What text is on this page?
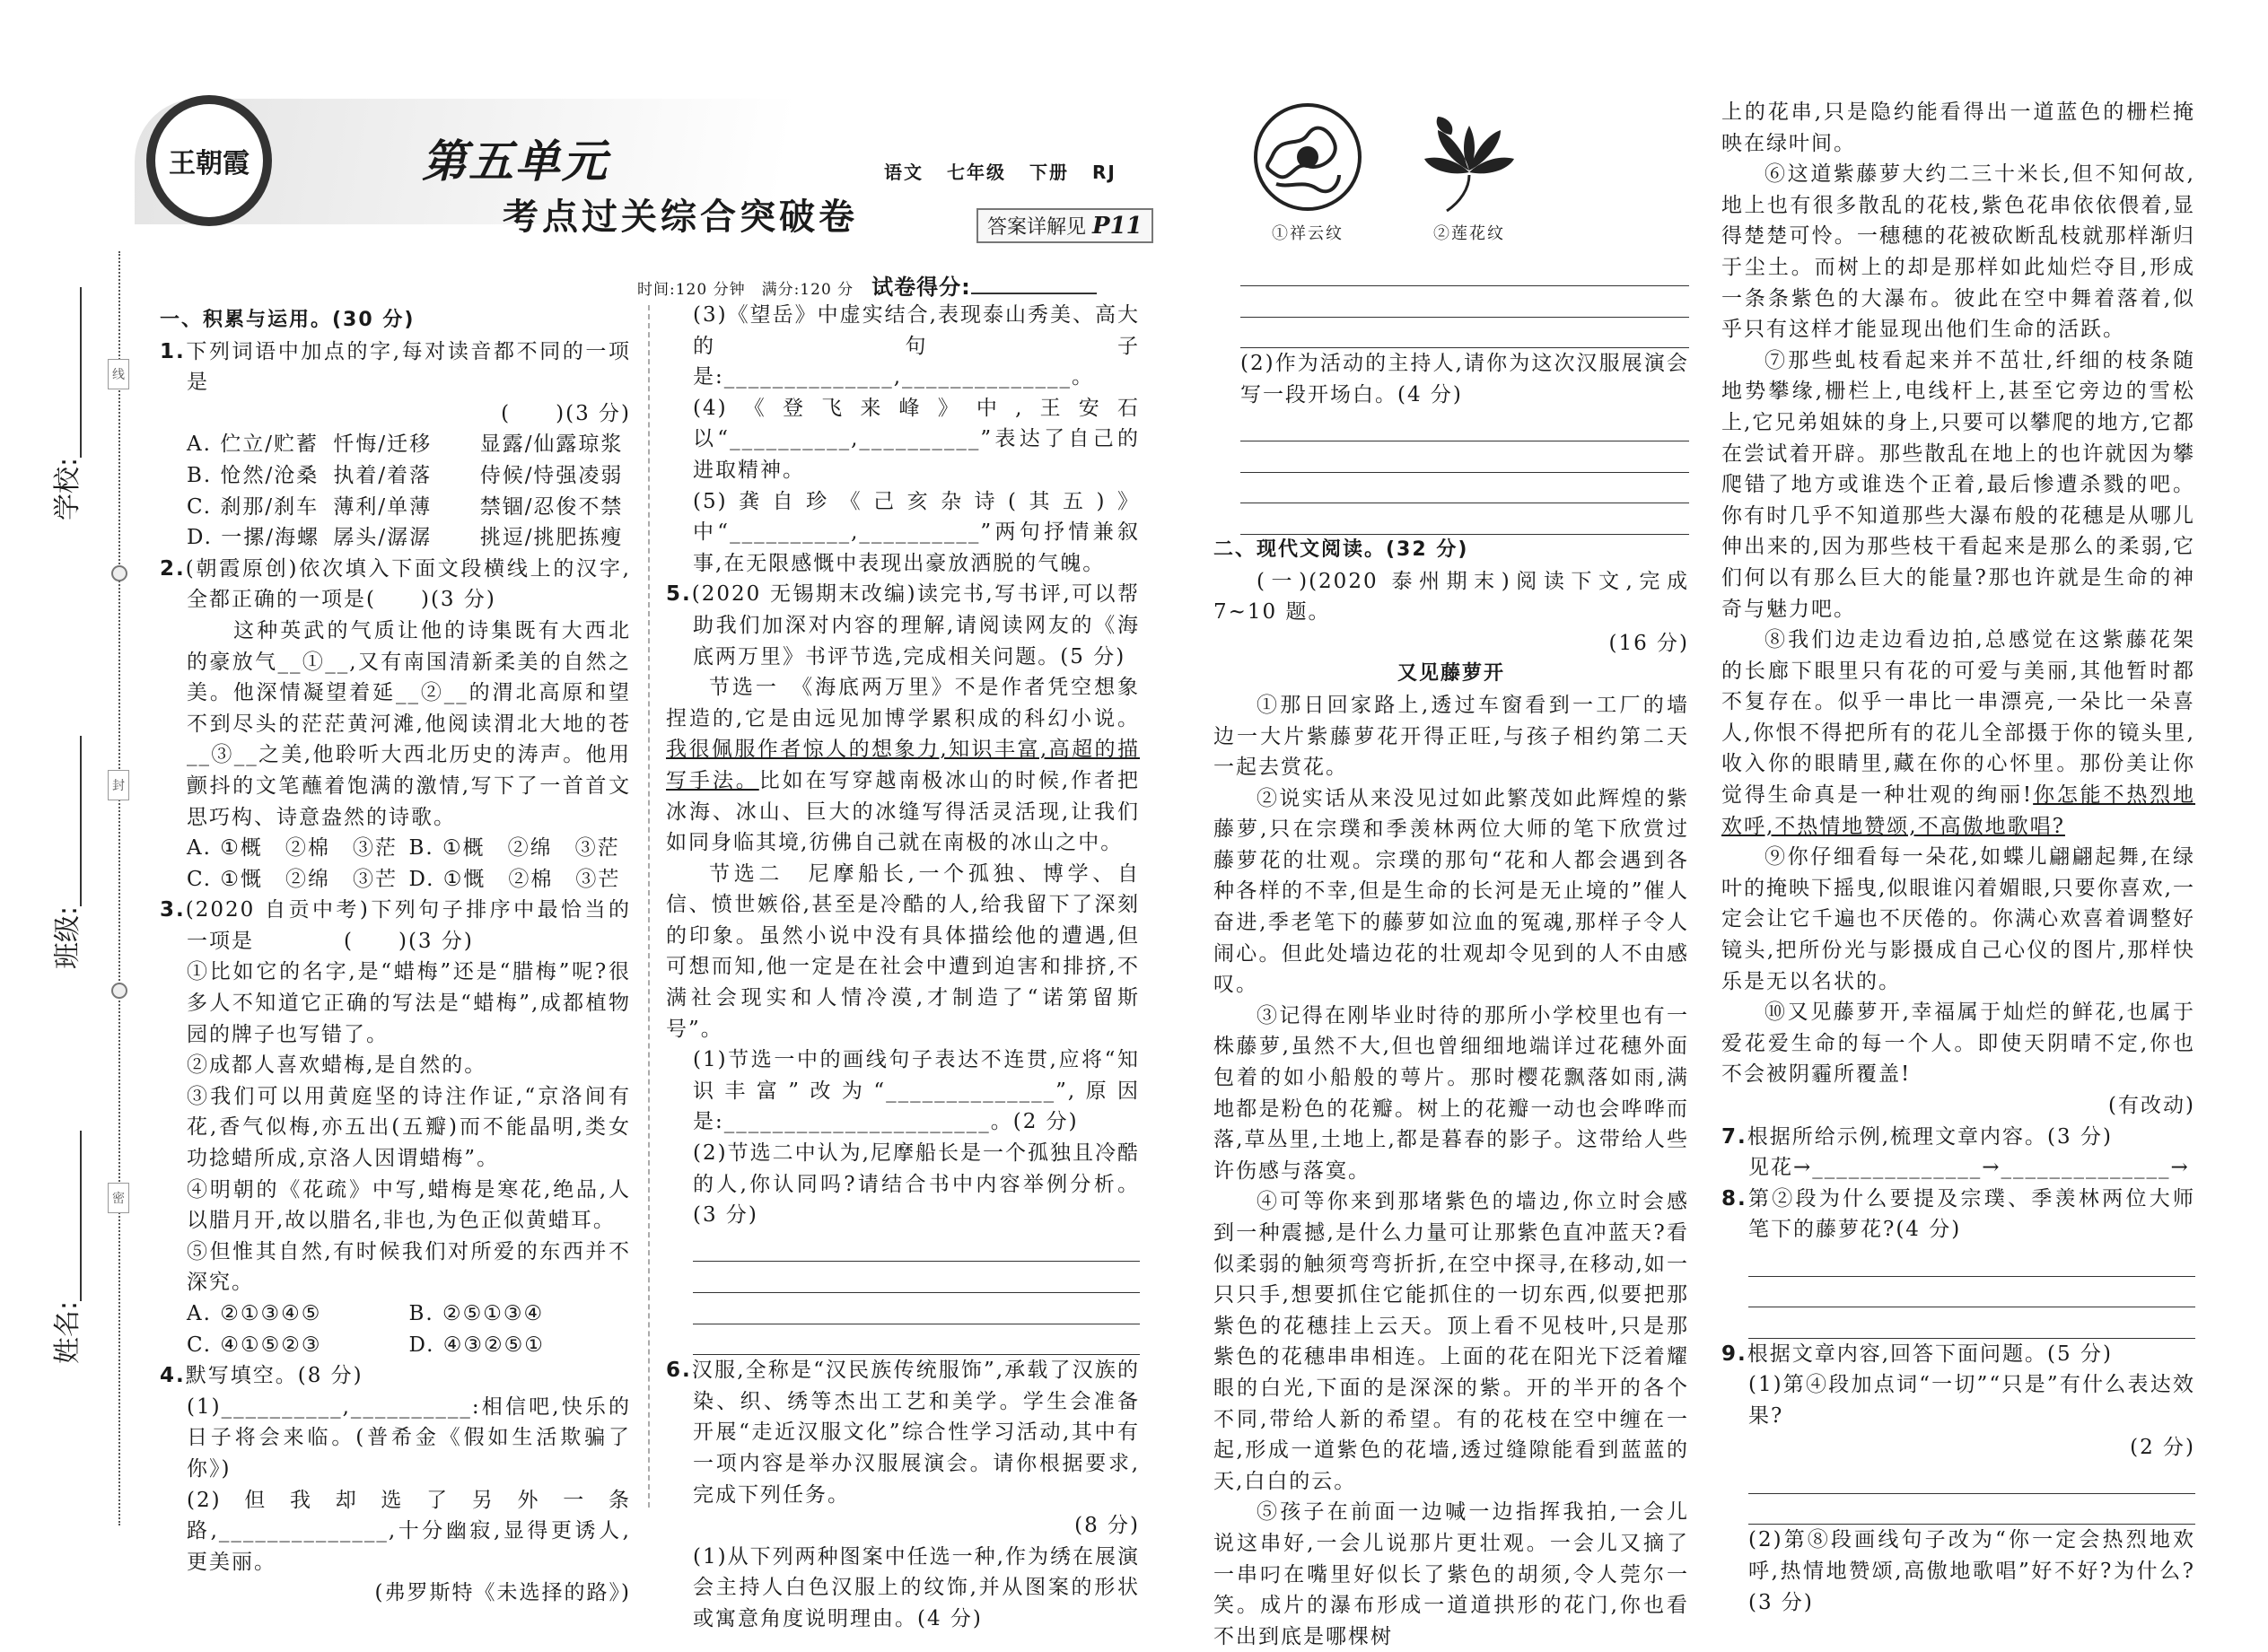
王朝霞	第五单元
考点过关综合突破卷
语文 七年级 下册 RJ
答案详解见 P11
时间:120 分钟　满分:120 分 试卷得分:
线
封
密
学校:
班级:
姓名:
一、积累与运用。(30 分)
1.下列词语中加点的字,每对读音都不同的一项是
(　　)(3 分)
A. 伫立/贮蓄 忏悔/迁移	显露/仙露琼浆
B. 怆然/沧桑 执着/着落	侍候/恃强凌弱
C. 刹那/刹车 薄利/单薄	禁锢/忍俊不禁
D. 一摞/海螺 孱头/潺潺	挑逗/挑肥拣瘦
2.(朝霞原创)依次填入下面文段横线上的汉字,全都正确的一项是(　　)(3 分)
这种英武的气质让他的诗集既有大西北的豪放气__①__,又有南国清新柔美的自然之美。他深情凝望着延__②__的渭北高原和望不到尽头的茫茫黄河滩,他阅读渭北大地的苍__③__之美,他聆听大西北历史的涛声。他用颤抖的文笔蘸着饱满的激情,写下了一首首文思巧构、诗意盎然的诗歌。
A. ①概　②棉　③茫 B. ①概　②绵　③茫
C. ①慨　②绵　③芒 D. ①慨　②棉　③芒
3.(2020 自贡中考)下列句子排序中最恰当的一项是　　　　(　　)(3 分)
①比如它的名字,是“蜡梅”还是“腊梅”呢?很多人不知道它正确的写法是“蜡梅”,成都植物园的牌子也写错了。
②成都人喜欢蜡梅,是自然的。
③我们可以用黄庭坚的诗注作证,“京洛间有花,香气似梅,亦五出(五瓣)而不能晶明,类女功捻蜡所成,京洛人因谓蜡梅”。
④明朝的《花疏》中写,蜡梅是寒花,绝品,人以腊月开,故以腊名,非也,为色正似黄蜡耳。
⑤但惟其自然,有时候我们对所爱的东西并不深究。
A. ②①③④⑤	B. ②⑤①③④
C. ④①⑤②③	D. ④③②⑤①
4.默写填空。(8 分)
(1)__________,__________:相信吧,快乐的日子将会来临。(普希金《假如生活欺骗了你》)
(2)但我却选了另外一条路,______________,十分幽寂,显得更诱人,更美丽。
(弗罗斯特《未选择的路》)
(3)《望岳》中虚实结合,表现泰山秀美、高大的句子是:______________,______________。
(4)《登飞来峰》中,王安石以“__________,__________”表达了自己的进取精神。
(5)龚自珍《己亥杂诗(其五)》中“__________,__________”两句抒情兼叙事,在无限感慨中表现出豪放洒脱的气魄。
5.(2020 无锡期末改编)读完书,写书评,可以帮助我们加深对内容的理解,请阅读网友的《海底两万里》书评节选,完成相关问题。(5 分)
节选一　《海底两万里》不是作者凭空想象捏造的,它是由远见加博学累积成的科幻小说。我很佩服作者惊人的想象力,知识丰富,高超的描写手法。比如在写穿越南极冰山的时候,作者把冰海、冰山、巨大的冰缝写得活灵活现,让我们如同身临其境,彷佛自己就在南极的冰山之中。
节选二　尼摩船长,一个孤独、博学、自信、愤世嫉俗,甚至是冷酷的人,给我留下了深刻的印象。虽然小说中没有具体描绘他的遭遇,但可想而知,他一定是在社会中遭到迫害和排挤,不满社会现实和人情冷漠,才制造了“诺第留斯号”。
(1)节选一中的画线句子表达不连贯,应将“知识丰富”改为“______________”,原因是:______________________。(2 分)
(2)节选二中认为,尼摩船长是一个孤独且冷酷的人,你认同吗?请结合书中内容举例分析。(3 分)
6.汉服,全称是“汉民族传统服饰”,承载了汉族的染、织、绣等杰出工艺和美学。学生会准备开展“走近汉服文化”综合性学习活动,其中有一项内容是举办汉服展演会。请你根据要求,完成下列任务。
(8 分)
(1)从下列两种图案中任选一种,作为绣在展演会主持人白色汉服上的纹饰,并从图案的形状或寓意角度说明理由。(4 分)
①祥云纹	②莲花纹
(2)作为活动的主持人,请你为这次汉服展演会写一段开场白。(4 分)
二、现代文阅读。(32 分)
(一)(2020 泰州期末)阅读下文,完成 7~10 题。
(16 分)
又见藤萝开
①那日回家路上,透过车窗看到一工厂的墙边一大片紫藤萝花开得正旺,与孩子相约第二天一起去赏花。
②说实话从来没见过如此繁茂如此辉煌的紫藤萝,只在宗璞和季羡林两位大师的笔下欣赏过藤萝花的壮观。宗璞的那句“花和人都会遇到各种各样的不幸,但是生命的长河是无止境的”催人奋进,季老笔下的藤萝如泣血的冤魂,那样子令人闹心。但此处墙边花的壮观却令见到的人不由感叹。
③记得在刚毕业时待的那所小学校里也有一株藤萝,虽然不大,但也曾细细地端详过花穗外面包着的如小船般的萼片。那时樱花飘落如雨,满地都是粉色的花瓣。树上的花瓣一动也会哗哗而落,草丛里,土地上,都是暮春的影子。这带给人些许伤感与落寞。
④可等你来到那堵紫色的墙边,你立时会感到一种震撼,是什么力量可让那紫色直冲蓝天?看似柔弱的触须弯弯折折,在空中探寻,在移动,如一只只手,想要抓住它能抓住的一切东西,似要把那紫色的花穗挂上云天。顶上看不见枝叶,只是那紫色的花穗串串相连。上面的花在阳光下泛着耀眼的白光,下面的是深深的紫。开的半开的各个不同,带给人新的希望。有的花枝在空中缠在一起,形成一道紫色的花墙,透过缝隙能看到蓝蓝的天,白白的云。
⑤孩子在前面一边喊一边指挥我拍,一会儿说这串好,一会儿说那片更壮观。一会儿又摘了一串叼在嘴里好似长了紫色的胡须,令人莞尔一笑。成片的瀑布形成一道道拱形的花门,你也看不出到底是哪棵树
上的花串,只是隐约能看得出一道蓝色的栅栏掩映在绿叶间。
⑥这道紫藤萝大约二三十米长,但不知何故,地上也有很多散乱的花枝,紫色花串依依偎着,显得楚楚可怜。一穗穗的花被砍断乱枝就那样渐归于尘土。而树上的却是那样如此灿烂夺目,形成一条条紫色的大瀑布。彼此在空中舞着落着,似乎只有这样才能显现出他们生命的活跃。
⑦那些虬枝看起来并不茁壮,纤细的枝条随地势攀缘,栅栏上,电线杆上,甚至它旁边的雪松上,它兄弟姐妹的身上,只要可以攀爬的地方,它都在尝试着开辟。那些散乱在地上的也许就因为攀爬错了地方或谁迭个正着,最后惨遭杀戮的吧。你有时几乎不知道那些大瀑布般的花穗是从哪儿伸出来的,因为那些枝干看起来是那么的柔弱,它们何以有那么巨大的能量?那也许就是生命的神奇与魅力吧。
⑧我们边走边看边拍,总感觉在这紫藤花架的长廊下眼里只有花的可爱与美丽,其他暂时都不复存在。似乎一串比一串漂亮,一朵比一朵喜人,你恨不得把所有的花儿全部摄于你的镜头里,收入你的眼睛里,藏在你的心怀里。那份美让你觉得生命真是一种壮观的绚丽!你怎能不热烈地欢呼,不热情地赞颂,不高傲地歌唱?
⑨你仔细看每一朵花,如蝶儿翩翩起舞,在绿叶的掩映下摇曳,似眼谁闪着媚眼,只要你喜欢,一定会让它千遍也不厌倦的。你满心欢喜着调整好镜头,把所份光与影摄成自己心仪的图片,那样快乐是无以名状的。
⑩又见藤萝开,幸福属于灿烂的鲜花,也属于爱花爱生命的每一个人。即使天阴晴不定,你也不会被阴霾所覆盖!
(有改动)
7.根据所给示例,梳理文章内容。(3 分)
见花→______________→______________→
8.第②段为什么要提及宗璞、季羡林两位大师笔下的藤萝花?(4 分)
9.根据文章内容,回答下面问题。(5 分)
(1)第④段加点词“一切”“只是”有什么表达效果?
(2 分)
(2)第⑧段画线句子改为“你一定会热烈地欢呼,热情地赞颂,高傲地歌唱”好不好?为什么?(3 分)
